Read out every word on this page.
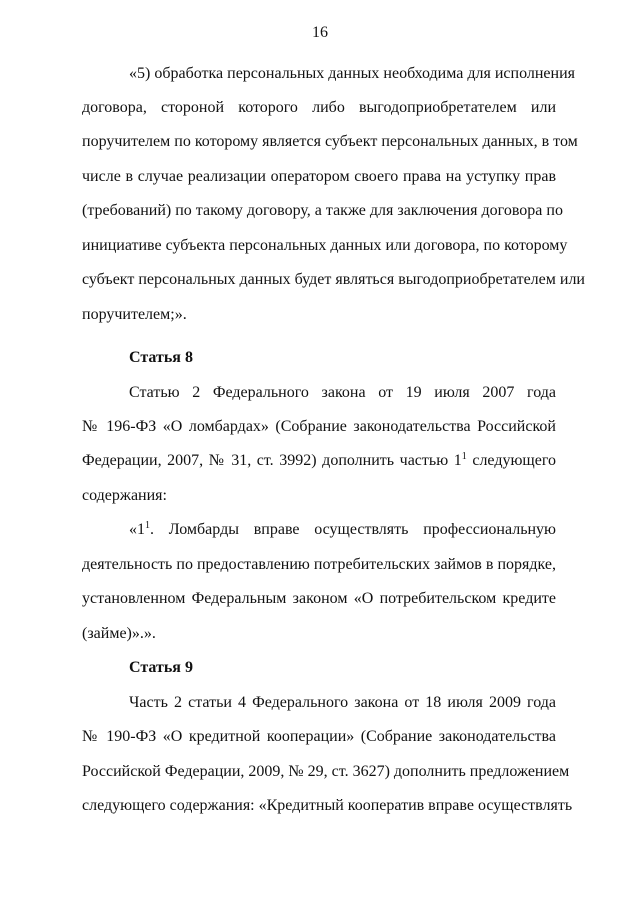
16
«5) обработка персональных данных необходима для исполнения
договора, стороной которого либо выгодоприобретателем или
поручителем по которому является субъект персональных данных, в том
числе в случае реализации оператором своего права на уступку прав
(требований) по такому договору, а также для заключения договора по
инициативе субъекта персональных данных или договора, по которому
субъект персональных данных будет являться выгодоприобретателем или
поручителем;».
Статья 8
Статью 2 Федерального закона от 19 июля 2007 года
№ 196-ФЗ «О ломбардах» (Собрание законодательства Российской
Федерации, 2007, № 31, ст. 3992) дополнить частью $1^1$ следующего
содержания:
«$1^1$. Ломбарды вправе осуществлять профессиональную
деятельность по предоставлению потребительских займов в порядке,
установленном Федеральным законом «О потребительском кредите
(займе)».».
Статья 9
Часть 2 статьи 4 Федерального закона от 18 июля 2009 года
№ 190-ФЗ «О кредитной кооперации» (Собрание законодательства
Российской Федерации, 2009, № 29, ст. 3627) дополнить предложением
следующего содержания: «Кредитный кооператив вправе осуществлять
